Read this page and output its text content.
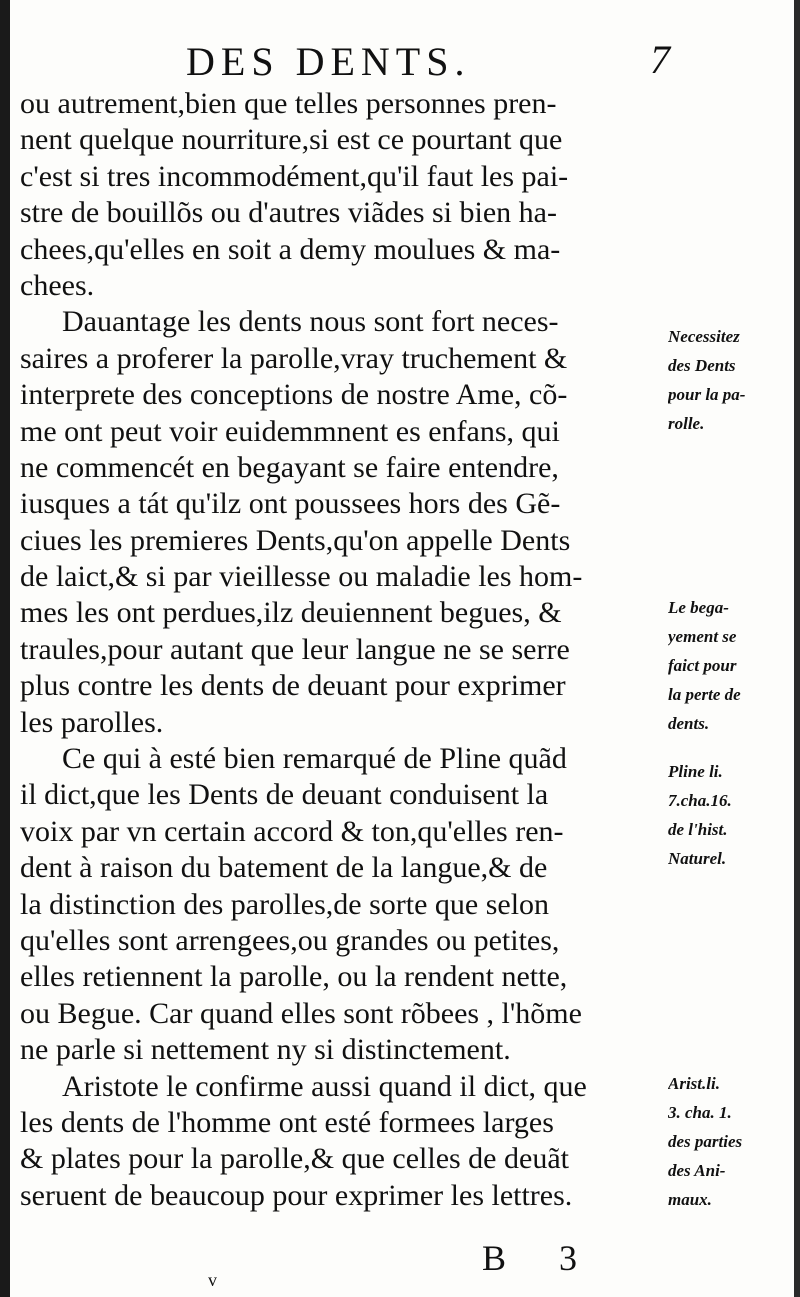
DES DENTS.	7
ou autrement,bien que telles personnes pren-
nent quelque nourriture,si est ce pourtant que
c'est si tres incommodément,qu'il faut les pai-
stre de bouillõs ou d'autres viãdes si bien ha-
chees,qu'elles en soit a demy moulues & ma-
chees.
Dauantage les dents nous sont fort neces-
saires a proferer la parolle,vray truchement &
interprete des conceptions de nostre Ame, cõ-
me ont peut voir euidemmnent es enfans, qui
ne commencét en begayant se faire entendre,
iusques a tát qu'ilz ont poussees hors des Gẽ-
ciues les premieres Dents,qu'on appelle Dents
de laict,& si par vieillesse ou maladie les hom-
mes les ont perdues,ilz deuiennent begues, &
traules,pour autant que leur langue ne se serre
plus contre les dents de deuant pour exprimer
les parolles.
Ce qui à esté bien remarqué de Pline quãd
il dict,que les Dents de deuant conduisent la
voix par vn certain accord & ton,qu'elles ren-
dent à raison du batement de la langue,& de
la distinction des parolles,de sorte que selon
qu'elles sont arrengees,ou grandes ou petites,
elles retiennent la parolle, ou la rendent nette,
ou Begue. Car quand elles sont rõbees , l'hõme
ne parle si nettement ny si distinctement.
Aristote le confirme aussi quand il dict, que
les dents de l'homme ont esté formees larges
& plates pour la parolle,& que celles de deuãt
seruent de beaucoup pour exprimer les lettres.
Necessitez
des Dents
pour la pa-
rolle.
Le bega-
yement se
faict pour
la perte de
dents.
Pline li.
7.cha.16.
de l'hist.
Naturel.
Arist.li.
3. cha. 1.
des parties
des Ani-
maux.
B 3
v
